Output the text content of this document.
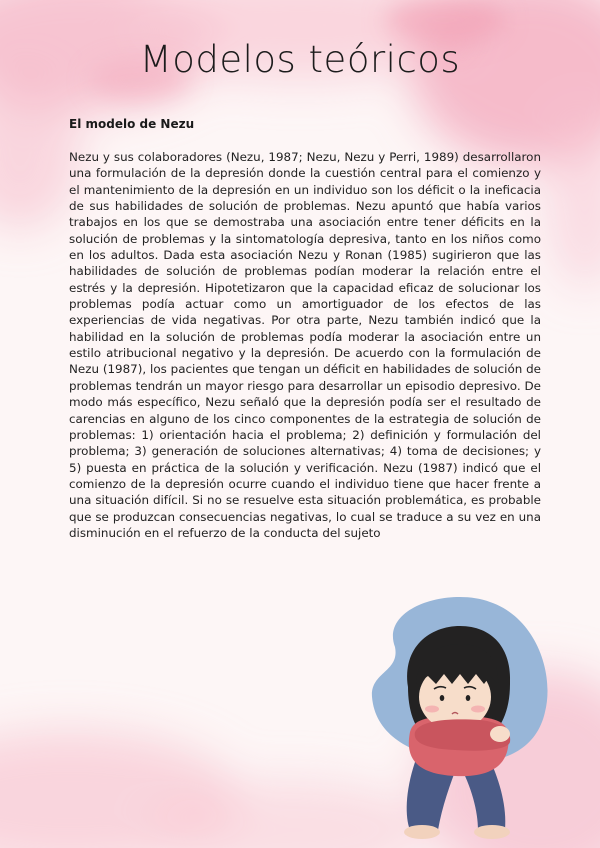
Modelos teóricos
El modelo de Nezu

Nezu y sus colaboradores (Nezu, 1987; Nezu, Nezu y Perri, 1989) desarrollaron una formulación de la depresión donde la cuestión central para el comienzo y el mantenimiento de la depresión en un individuo son los déficit o la ineficacia de sus habilidades de solución de problemas. Nezu apuntó que había varios trabajos en los que se demostraba una asociación entre tener déficits en la solución de problemas y la sintomatología depresiva, tanto en los niños como en los adultos. Dada esta asociación Nezu y Ronan (1985) sugirieron que las habilidades de solución de problemas podían moderar la relación entre el estrés y la depresión. Hipotetizaron que la capacidad eficaz de solucionar los problemas podía actuar como un amortiguador de los efectos de las experiencias de vida negativas. Por otra parte, Nezu también indicó que la habilidad en la solución de problemas podía moderar la asociación entre un estilo atribucional negativo y la depresión. De acuerdo con la formulación de Nezu (1987), los pacientes que tengan un déficit en habilidades de solución de problemas tendrán un mayor riesgo para desarrollar un episodio depresivo. De modo más específico, Nezu señaló que la depresión podía ser el resultado de carencias en alguno de los cinco componentes de la estrategia de solución de problemas: 1) orientación hacia el problema; 2) definición y formulación del problema; 3) generación de soluciones alternativas; 4) toma de decisiones; y 5) puesta en práctica de la solución y verificación. Nezu (1987) indicó que el comienzo de la depresión ocurre cuando el individuo tiene que hacer frente a una situación difícil. Si no se resuelve esta situación problemática, es probable que se produzcan consecuencias negativas, lo cual se traduce a su vez en una disminución en el refuerzo de la conducta del sujeto
